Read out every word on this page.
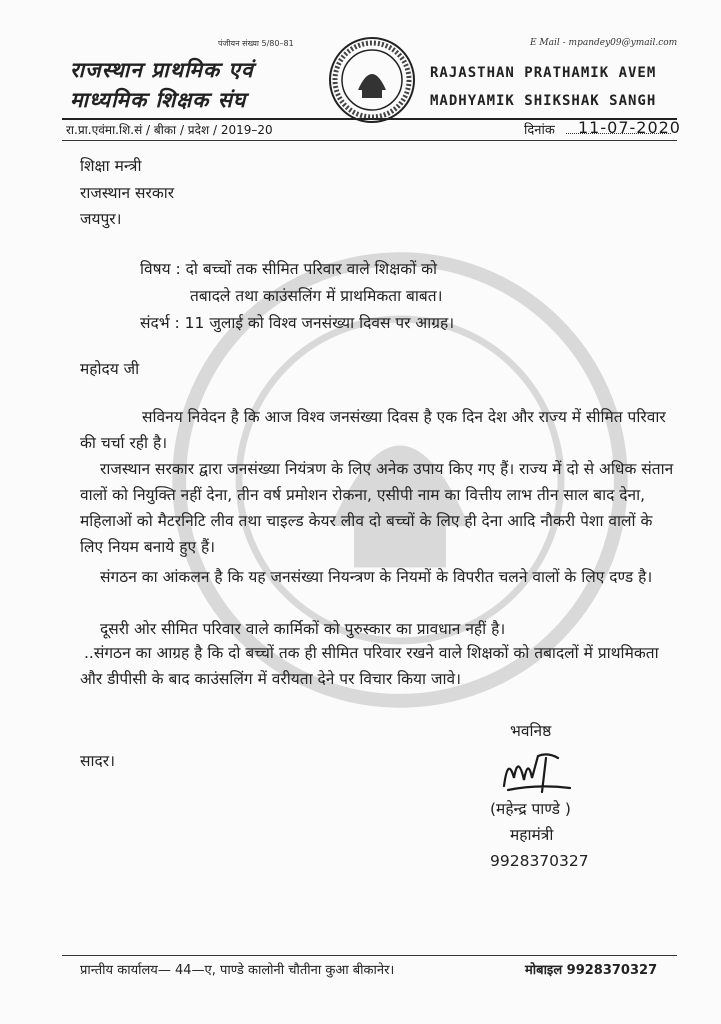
पंजीयन संख्या 5/80–81
राजस्थान प्राथमिक एवं
माध्यमिक शिक्षक संघ
E Mail - mpandey09@ymail.com
RAJASTHAN PRATHAMIK AVEM
MADHYAMIK SHIKSHAK SANGH
रा.प्रा.एवंमा.शि.सं / बीका / प्रदेश / 2019–20	दिनांक 11-07-2020
शिक्षा मन्त्री
राजस्थान सरकार
जयपुर।
विषय : दो बच्चों तक सीमित परिवार वाले शिक्षकों को
तबादले तथा काउंसलिंग में प्राथमिकता बाबत।
संदर्भ : 11 जुलाई को विश्व जनसंख्या दिवस पर आग्रह।
महोदय जी
सविनय निवेदन है कि आज विश्व जनसंख्या दिवस है एक दिन देश और राज्य में सीमित परिवार की चर्चा रही है।
राजस्थान सरकार द्वारा जनसंख्या नियंत्रण के लिए अनेक उपाय किए गए हैं। राज्य में दो से अधिक संतान वालों को नियुक्ति नहीं देना, तीन वर्ष प्रमोशन रोकना, एसीपी नाम का वित्तीय लाभ तीन साल बाद देना, महिलाओं को मैटरनिटि लीव तथा चाइल्ड केयर लीव दो बच्चों के लिए ही देना आदि नौकरी पेशा वालों के लिए नियम बनाये हुए हैं।
संगठन का आंकलन है कि यह जनसंख्या नियन्त्रण के नियमों के विपरीत चलने वालों के लिए दण्ड है।
दूसरी ओर सीमित परिवार वाले कार्मिकों को पुरुस्कार का प्रावधान नहीं है।
..संगठन का आग्रह है कि दो बच्चों तक ही सीमित परिवार रखने वाले शिक्षकों को तबादलों में प्राथमिकता और डीपीसी के बाद काउंसलिंग में वरीयता देने पर विचार किया जावे।
भवनिष्ठ
सादर।
(महेन्द्र पाण्डे )
महामंत्री
9928370327
प्रान्तीय कार्यालय— 44—ए, पाण्डे कालोनी चौतीना कुआ बीकानेर।	मोबाइल 9928370327
